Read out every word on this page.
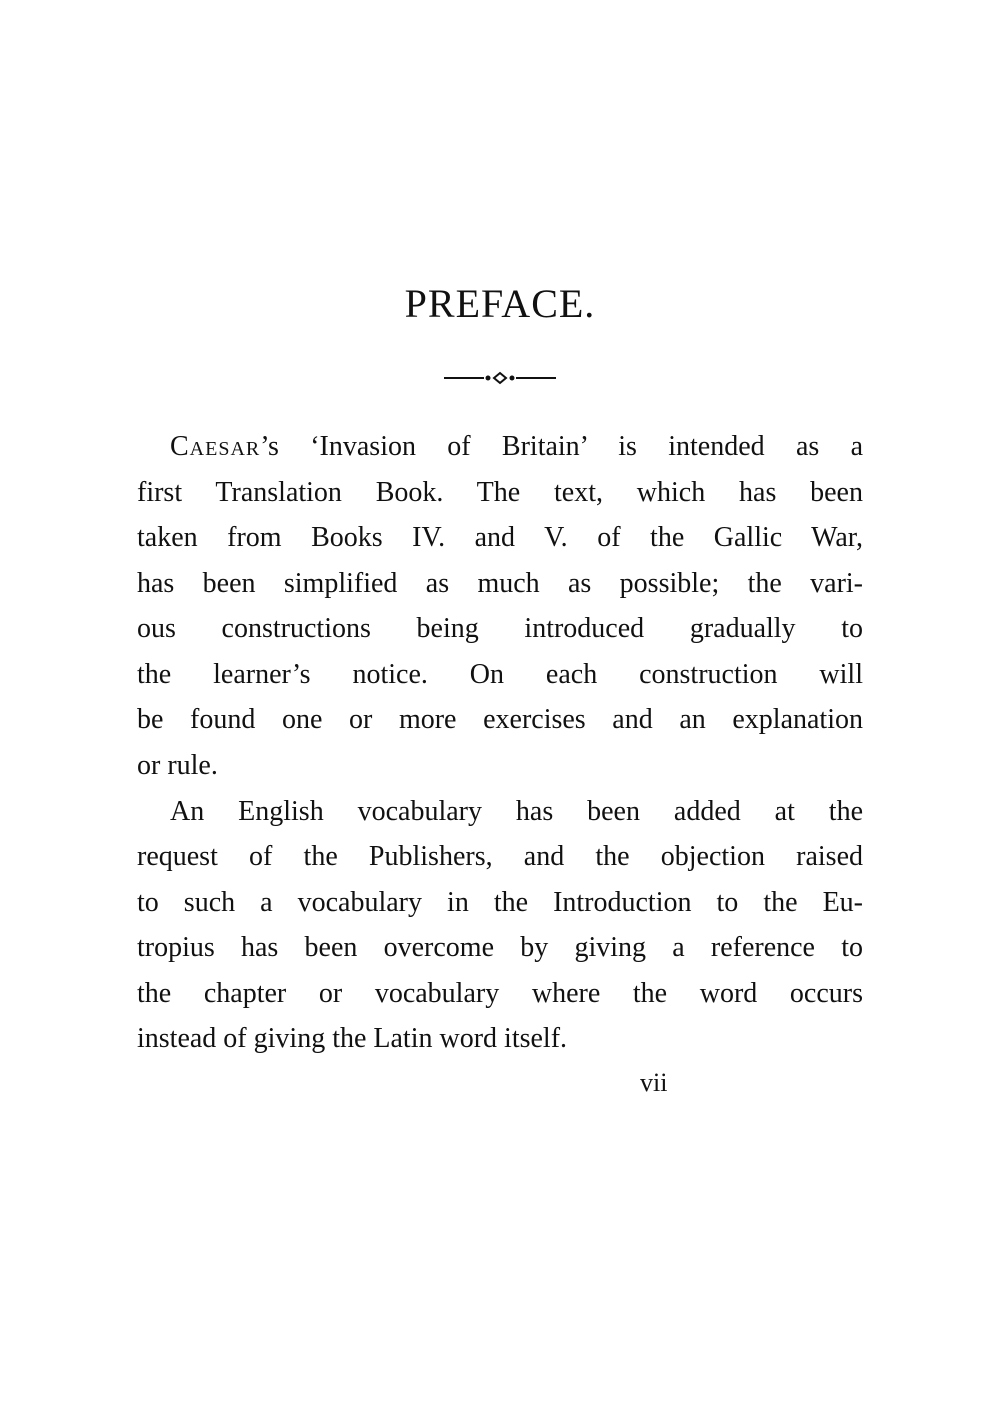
PREFACE.
Caesar’s ‘Invasion of Britain’ is intended as a
first Translation Book. The text, which has been
taken from Books IV. and V. of the Gallic War,
has been simplified as much as possible; the vari-
ous constructions being introduced gradually to
the learner’s notice. On each construction will
be found one or more exercises and an explanation
or rule.
An English vocabulary has been added at the
request of the Publishers, and the objection raised
to such a vocabulary in the Introduction to the Eu-
tropius has been overcome by giving a reference to
the chapter or vocabulary where the word occurs
instead of giving the Latin word itself.
vii
